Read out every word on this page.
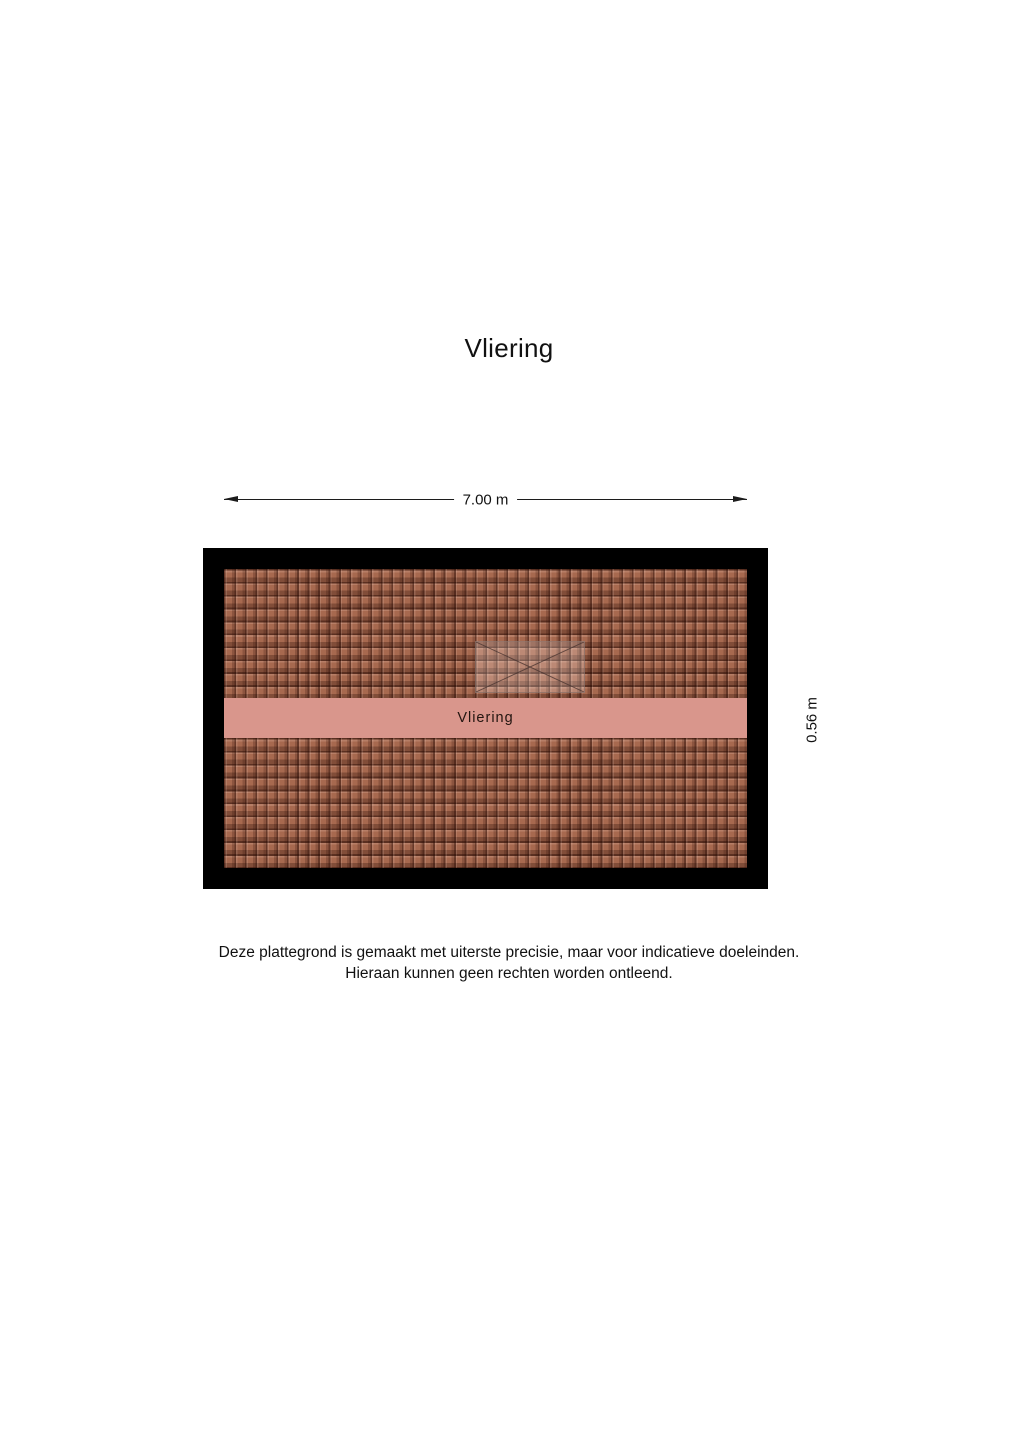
Vliering
7.00 m
Vliering	0.56 m
Deze plattegrond is gemaakt met uiterste precisie, maar voor indicatieve doeleinden.
Hieraan kunnen geen rechten worden ontleend.
